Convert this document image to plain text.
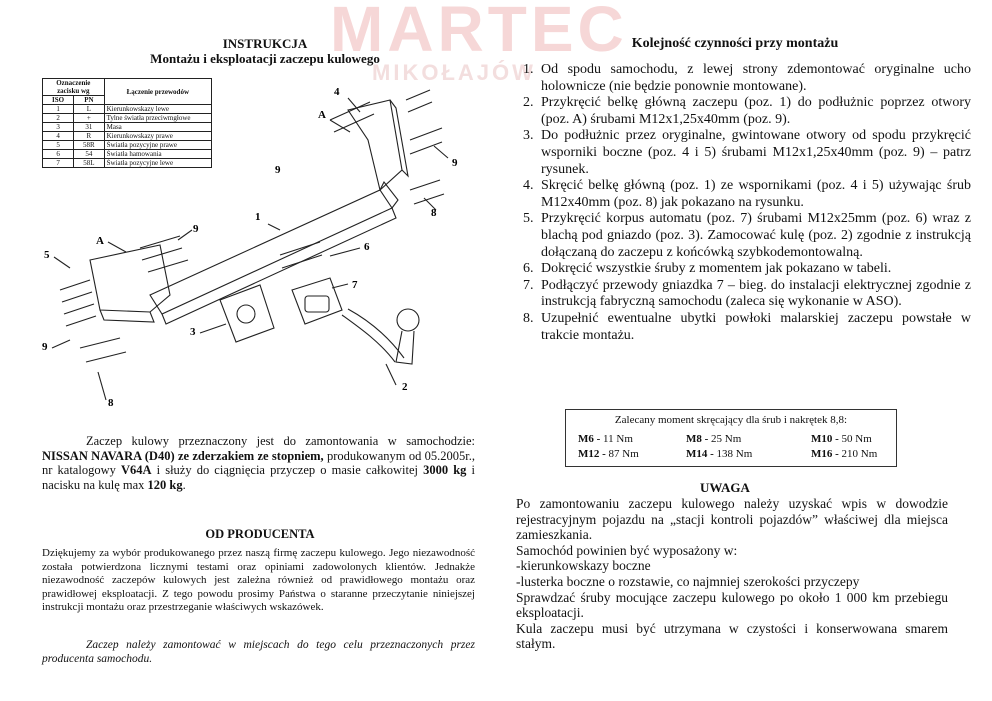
MARTEC
MIKOŁAJÓW
INSTRUKCJA
Montażu i eksploatacji zaczepu kulowego
Oznaczenie zacisku wg		Łączenie przewodów
ISO	PN	
1	L	Kierunkowskazy lewe
2	+	Tylne światła przeciwmgłowe
3	31	Masa
4	R	Kierunkowskazy prawe
5	58R	Światła pozycyjne prawe
6	54	Światła hamowania
7	58L	Światła pozycyjne lewe
4
A
9
9
8
1
9
A
5
6
7
3
9
2
8
Zaczep kulowy przeznaczony jest do zamontowania w samochodzie: NISSAN NAVARA (D40) ze zderzakiem ze stopniem, produkowanym od 05.2005r., nr katalogowy V64A i służy do ciągnięcia przyczep o masie całkowitej 3000 kg i nacisku na kulę max 120 kg.
OD PRODUCENTA
Dziękujemy za wybór produkowanego przez naszą firmę zaczepu kulowego. Jego niezawodność została potwierdzona licznymi testami oraz opiniami zadowolonych klientów. Jednakże niezawodność zaczepów kulowych jest zależna również od prawidłowego montażu oraz prawidłowej eksploatacji. Z tego powodu prosimy Państwa o staranne przeczytanie niniejszej instrukcji montażu oraz przestrzeganie właściwych wskazówek.
Zaczep należy zamontować w miejscach do tego celu przeznaczonych przez producenta samochodu.
Kolejność czynności przy montażu
1. Od spodu samochodu, z lewej strony zdemontować oryginalne ucho holownicze (nie będzie ponownie montowane).
2. Przykręcić belkę główną zaczepu (poz. 1) do podłużnic poprzez otwory (poz. A) śrubami M12x1,25x40mm (poz. 9).
3. Do podłużnic przez oryginalne, gwintowane otwory od spodu przykręcić wsporniki boczne (poz. 4 i 5) śrubami M12x1,25x40mm (poz. 9) – patrz rysunek.
4. Skręcić belkę główną (poz. 1) ze wspornikami (poz. 4 i 5) używając śrub M12x40mm (poz. 8) jak pokazano na rysunku.
5. Przykręcić korpus automatu (poz. 7) śrubami M12x25mm (poz. 6) wraz z blachą pod gniazdo (poz. 3). Zamocować kulę (poz. 2) zgodnie z instrukcją dołączaną do zaczepu z końcówką szybkodemontowalną.
6. Dokręcić wszystkie śruby z momentem jak pokazano w tabeli.
7. Podłączyć przewody gniazdka 7 – bieg. do instalacji elektrycznej zgodnie z instrukcją fabryczną samochodu (zaleca się wykonanie w ASO).
8. Uzupełnić ewentualne ubytki powłoki malarskiej zaczepu powstałe w trakcie montażu.
Zalecany moment skręcający dla śrub i nakrętek 8,8:
M6 - 11 Nm	M8 - 25 Nm	M10 - 50 Nm
M12 - 87 Nm	M14 - 138 Nm	M16 - 210 Nm
UWAGA

Po zamontowaniu zaczepu kulowego należy uzyskać wpis w dowodzie rejestracyjnym pojazdu na „stacji kontroli pojazdów” właściwej dla miejsca zamieszkania.

Samochód powinien być wyposażony w:

-kierunkowskazy boczne

-lusterka boczne o rozstawie, co najmniej szerokości przyczepy

Sprawdzać śruby mocujące zaczepu kulowego po około 1 000 km przebiegu eksploatacji.

Kula zaczepu musi być utrzymana w czystości i konserwowana smarem stałym.
